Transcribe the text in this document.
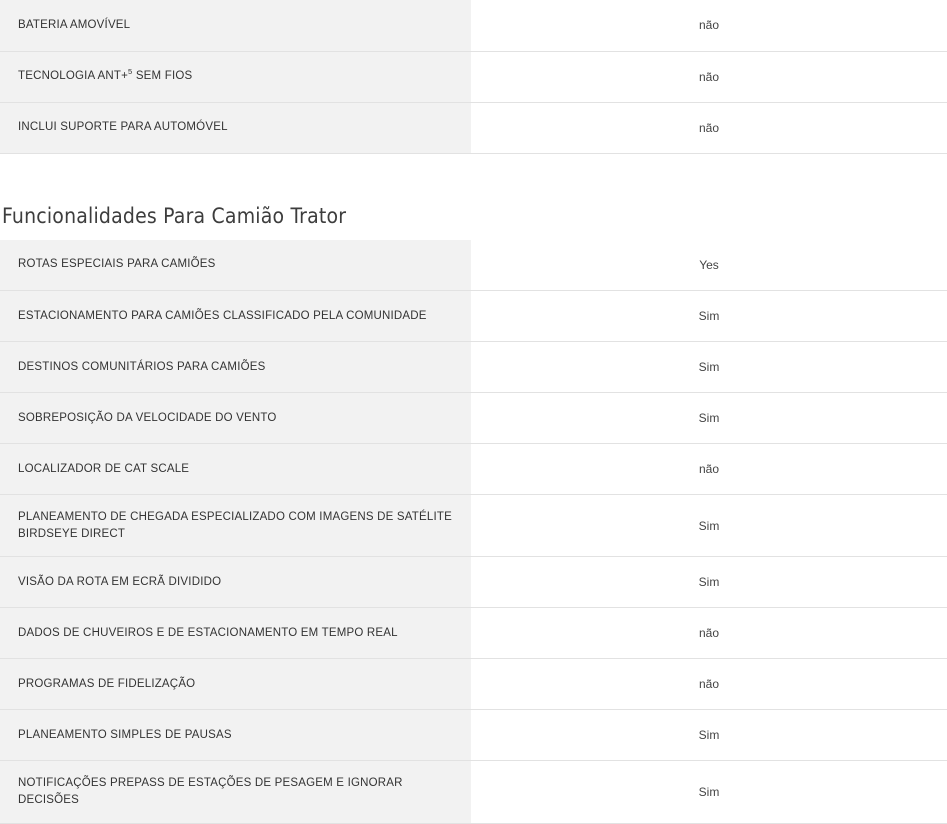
BATERIA AMOVÍVEL	não
TECNOLOGIA ANT+$^5$ SEM FIOS	não
INCLUI SUPORTE PARA AUTOMÓVEL	não
Funcionalidades Para Camião Trator
ROTAS ESPECIAIS PARA CAMIÕES	Yes
ESTACIONAMENTO PARA CAMIÕES CLASSIFICADO PELA COMUNIDADE	Sim
DESTINOS COMUNITÁRIOS PARA CAMIÕES	Sim
SOBREPOSIÇÃO DA VELOCIDADE DO VENTO	Sim
LOCALIZADOR DE CAT SCALE	não
PLANEAMENTO DE CHEGADA ESPECIALIZADO COM IMAGENS DE SATÉLITE BIRDSEYE DIRECT	Sim
VISÃO DA ROTA EM ECRÃ DIVIDIDO	Sim
DADOS DE CHUVEIROS E DE ESTACIONAMENTO EM TEMPO REAL	não
PROGRAMAS DE FIDELIZAÇÃO	não
PLANEAMENTO SIMPLES DE PAUSAS	Sim
NOTIFICAÇÕES PREPASS DE ESTAÇÕES DE PESAGEM E IGNORAR DECISÕES	Sim
